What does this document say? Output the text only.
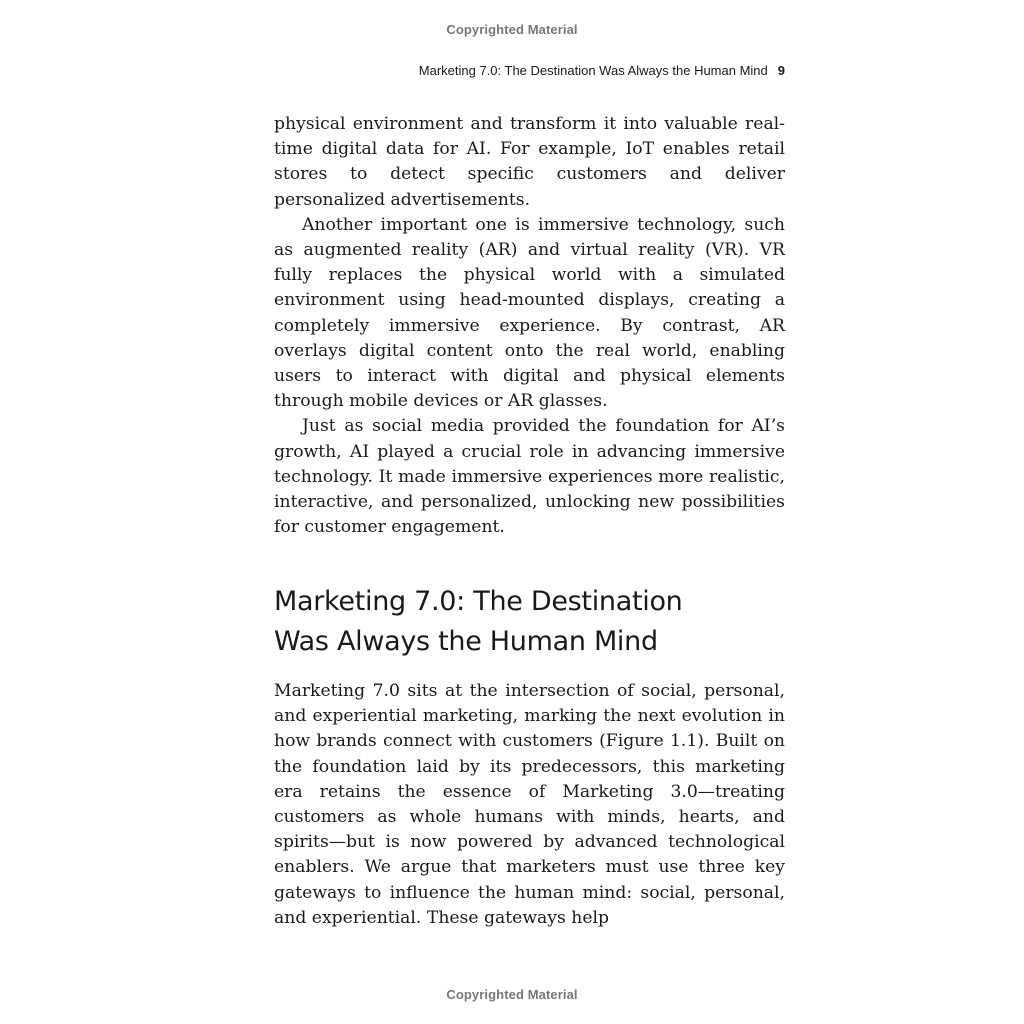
Copyrighted Material
Marketing 7.0: The Destination Was Always the Human Mind 9

physical environment and transform it into valuable real-time digital data for AI. For example, IoT enables retail stores to detect specific customers and deliver personalized advertisements.

Another important one is immersive technology, such as augmented reality (AR) and virtual reality (VR). VR fully replaces the physical world with a simulated environment using head-mounted displays, creating a completely immersive experience. By contrast, AR overlays digital content onto the real world, enabling users to interact with digital and physical elements through mobile devices or AR glasses.

Just as social media provided the foundation for AI’s growth, AI played a crucial role in advancing immersive technology. It made immersive experiences more realistic, interactive, and personalized, unlocking new possibilities for customer engagement.

Marketing 7.0: The Destination
Was Always the Human Mind

Marketing 7.0 sits at the intersection of social, personal, and experiential marketing, marking the next evolution in how brands connect with customers (Figure 1.1). Built on the foundation laid by its predecessors, this marketing era retains the essence of Marketing 3.0—treating customers as whole humans with minds, hearts, and spirits—but is now powered by advanced technological enablers. We argue that marketers must use three key gateways to influence the human mind: social, personal, and experiential. These gateways help

Copyrighted Material
